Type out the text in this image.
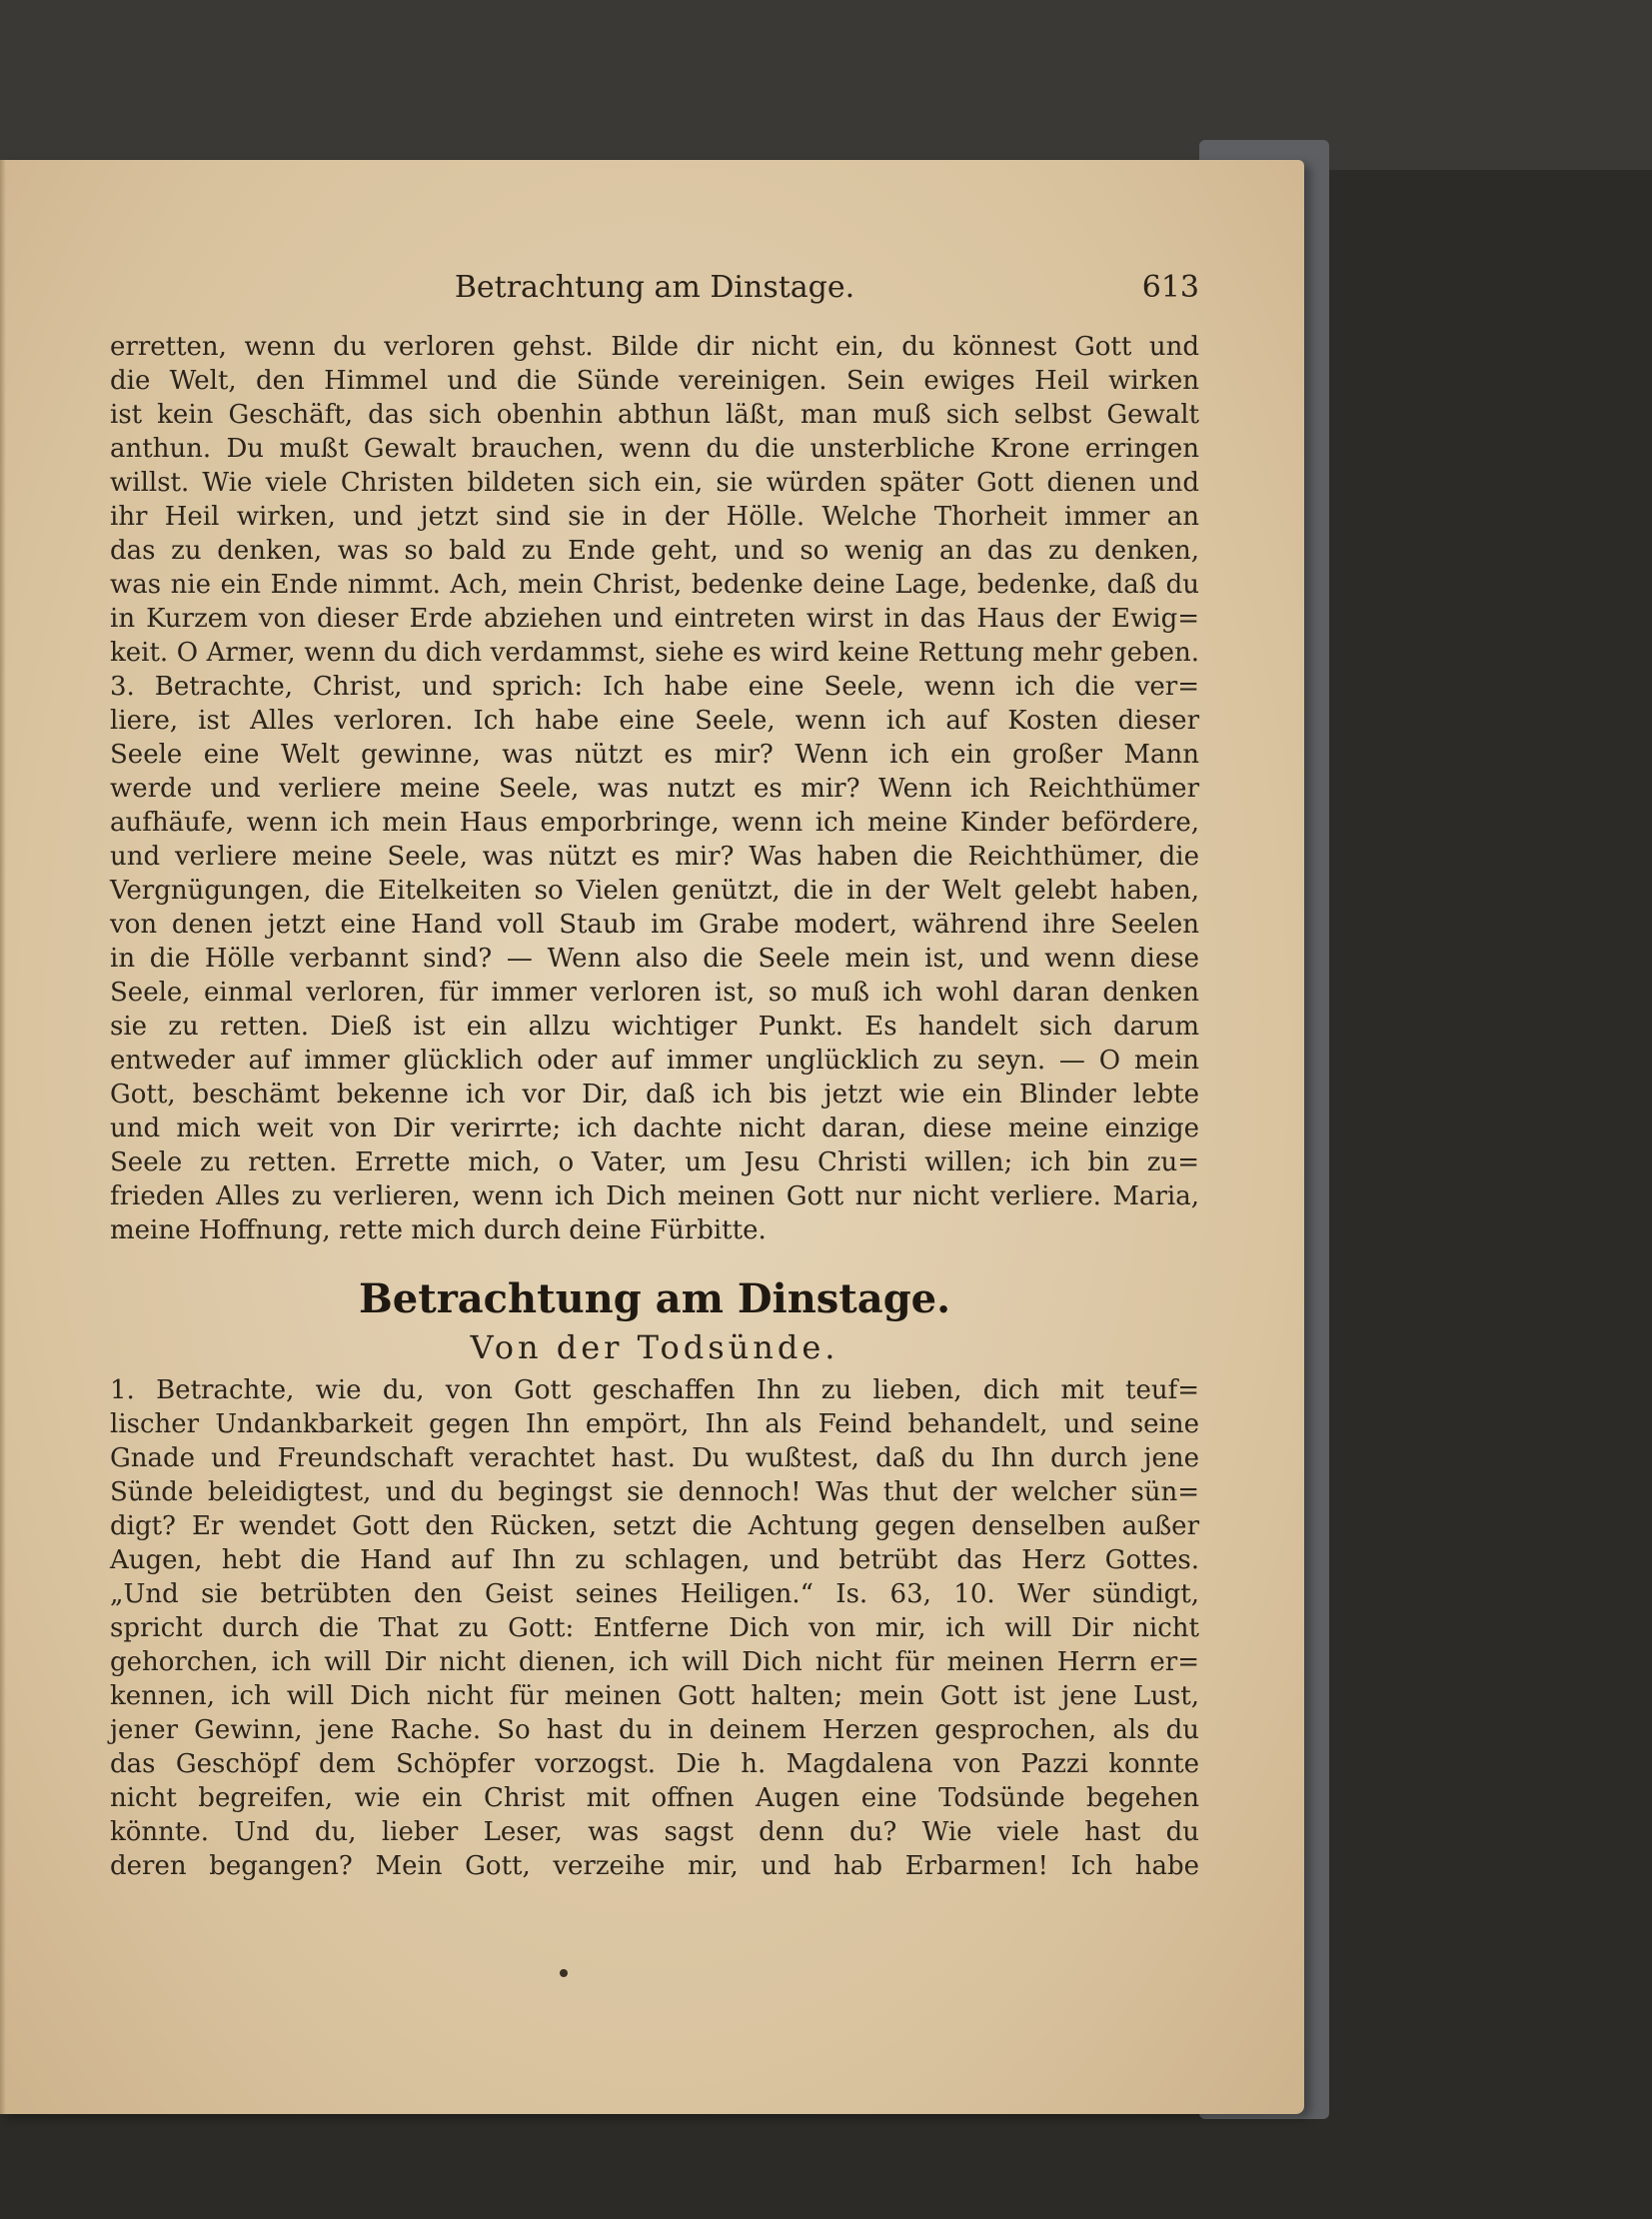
Betrachtung am Dinstage.	613
erretten, wenn du verloren gehst. Bilde dir nicht ein, du könnest Gott und
die Welt, den Himmel und die Sünde vereinigen. Sein ewiges Heil wirken
ist kein Geschäft, das sich obenhin abthun läßt, man muß sich selbst Gewalt
anthun. Du mußt Gewalt brauchen, wenn du die unsterbliche Krone erringen
willst. Wie viele Christen bildeten sich ein, sie würden später Gott dienen und
ihr Heil wirken, und jetzt sind sie in der Hölle. Welche Thorheit immer an
das zu denken, was so bald zu Ende geht, und so wenig an das zu denken,
was nie ein Ende nimmt. Ach, mein Christ, bedenke deine Lage, bedenke, daß du
in Kurzem von dieser Erde abziehen und eintreten wirst in das Haus der Ewig=
keit. O Armer, wenn du dich verdammst, siehe es wird keine Rettung mehr geben.
3. Betrachte, Christ, und sprich: Ich habe eine Seele, wenn ich die ver=
liere, ist Alles verloren. Ich habe eine Seele, wenn ich auf Kosten dieser
Seele eine Welt gewinne, was nützt es mir? Wenn ich ein großer Mann
werde und verliere meine Seele, was nutzt es mir? Wenn ich Reichthümer
aufhäufe, wenn ich mein Haus emporbringe, wenn ich meine Kinder befördere,
und verliere meine Seele, was nützt es mir? Was haben die Reichthümer, die
Vergnügungen, die Eitelkeiten so Vielen genützt, die in der Welt gelebt haben,
von denen jetzt eine Hand voll Staub im Grabe modert, während ihre Seelen
in die Hölle verbannt sind? — Wenn also die Seele mein ist, und wenn diese
Seele, einmal verloren, für immer verloren ist, so muß ich wohl daran denken
sie zu retten. Dieß ist ein allzu wichtiger Punkt. Es handelt sich darum
entweder auf immer glücklich oder auf immer unglücklich zu seyn. — O mein
Gott, beschämt bekenne ich vor Dir, daß ich bis jetzt wie ein Blinder lebte
und mich weit von Dir verirrte; ich dachte nicht daran, diese meine einzige
Seele zu retten. Errette mich, o Vater, um Jesu Christi willen; ich bin zu=
frieden Alles zu verlieren, wenn ich Dich meinen Gott nur nicht verliere. Maria,
meine Hoffnung, rette mich durch deine Fürbitte.
Betrachtung am Dinstage.
Von der Todsünde.
1. Betrachte, wie du, von Gott geschaffen Ihn zu lieben, dich mit teuf=
lischer Undankbarkeit gegen Ihn empört, Ihn als Feind behandelt, und seine
Gnade und Freundschaft verachtet hast. Du wußtest, daß du Ihn durch jene
Sünde beleidigtest, und du begingst sie dennoch! Was thut der welcher sün=
digt? Er wendet Gott den Rücken, setzt die Achtung gegen denselben außer
Augen, hebt die Hand auf Ihn zu schlagen, und betrübt das Herz Gottes.
„Und sie betrübten den Geist seines Heiligen.“ Is. 63, 10. Wer sündigt,
spricht durch die That zu Gott: Entferne Dich von mir, ich will Dir nicht
gehorchen, ich will Dir nicht dienen, ich will Dich nicht für meinen Herrn er=
kennen, ich will Dich nicht für meinen Gott halten; mein Gott ist jene Lust,
jener Gewinn, jene Rache. So hast du in deinem Herzen gesprochen, als du
das Geschöpf dem Schöpfer vorzogst. Die h. Magdalena von Pazzi konnte
nicht begreifen, wie ein Christ mit offnen Augen eine Todsünde begehen
könnte. Und du, lieber Leser, was sagst denn du? Wie viele hast du
deren begangen? Mein Gott, verzeihe mir, und hab Erbarmen! Ich habe
